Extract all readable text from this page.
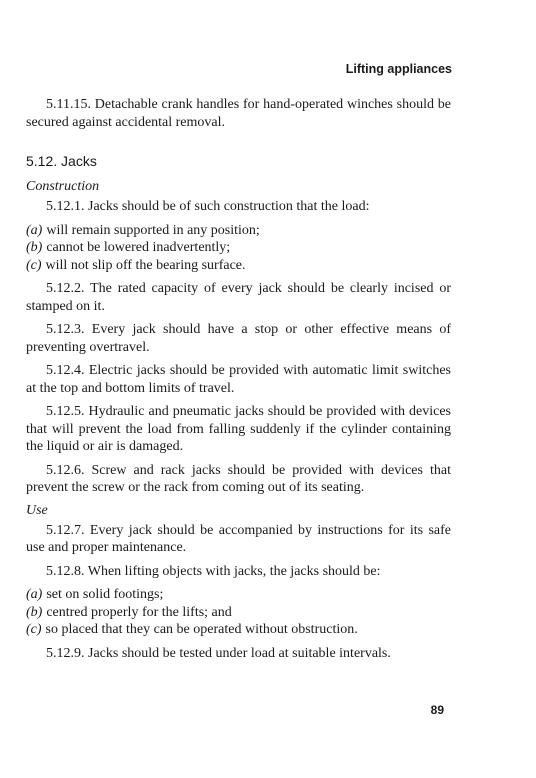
Lifting appliances

5.11.15. Detachable crank handles for hand-operated winches should be secured against accidental removal.

5.12. Jacks
Construction

5.12.1. Jacks should be of such construction that the load:

(a) will remain supported in any position;

(b) cannot be lowered inadvertently;

(c) will not slip off the bearing surface.

5.12.2. The rated capacity of every jack should be clearly incised or stamped on it.

5.12.3. Every jack should have a stop or other effective means of preventing overtravel.

5.12.4. Electric jacks should be provided with automatic limit switches at the top and bottom limits of travel.

5.12.5. Hydraulic and pneumatic jacks should be provided with devices that will prevent the load from falling suddenly if the cylinder containing the liquid or air is damaged.

5.12.6. Screw and rack jacks should be provided with devices that prevent the screw or the rack from coming out of its seating.

Use

5.12.7. Every jack should be accompanied by instructions for its safe use and proper maintenance.

5.12.8. When lifting objects with jacks, the jacks should be:

(a) set on solid footings;

(b) centred properly for the lifts; and

(c) so placed that they can be operated without obstruction.

5.12.9. Jacks should be tested under load at suitable intervals.

89
